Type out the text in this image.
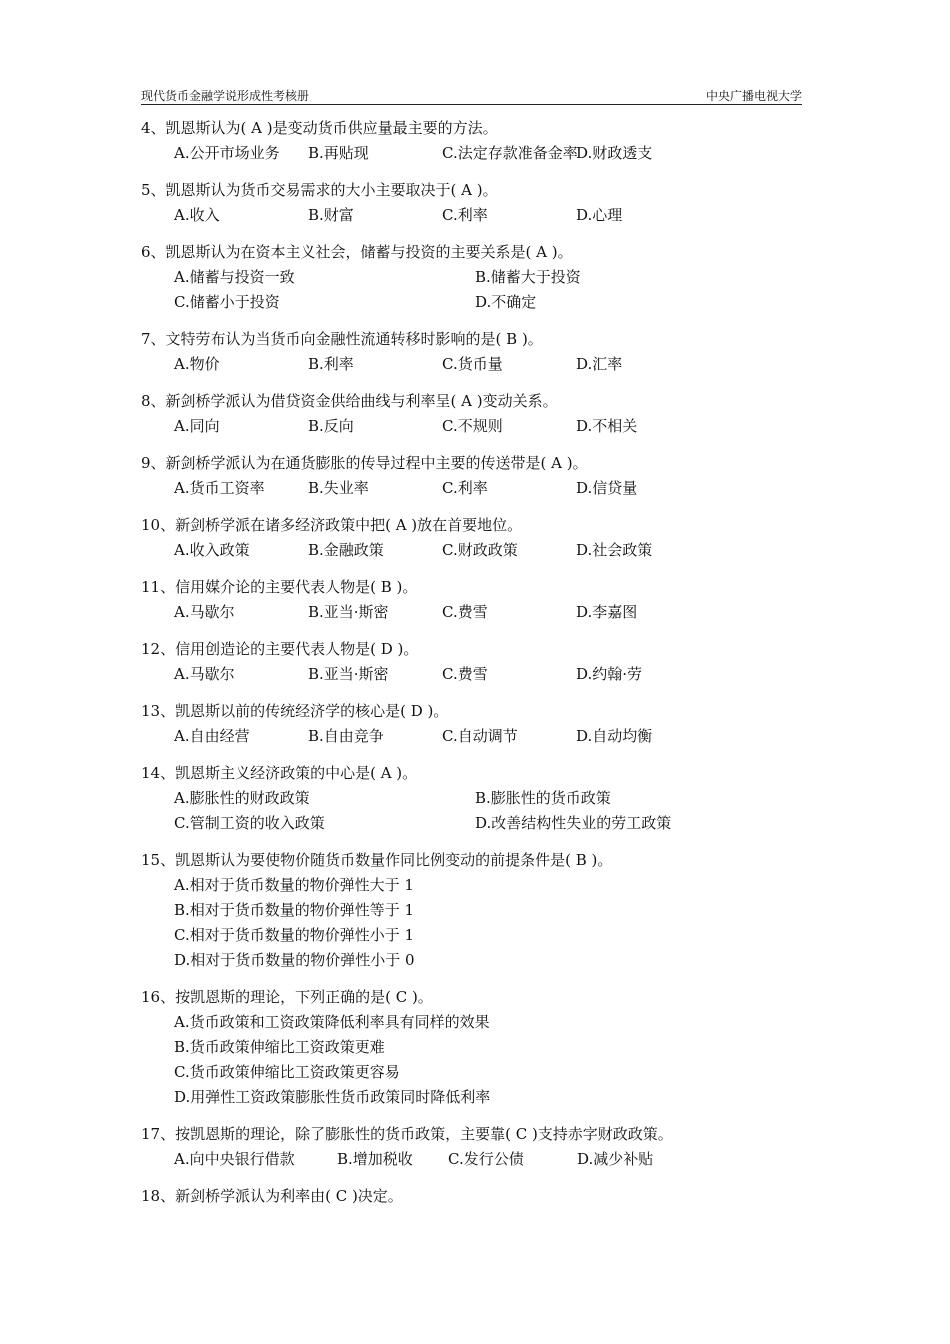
现代货币金融学说形成性考核册	中央广播电视大学
4、凯恩斯认为( A )是变动货币供应量最主要的方法。
A.公开市场业务 B.再贴现	C.法定存款准备金率
D.财政透支
5、凯恩斯认为货币交易需求的大小主要取决于( A )。
A.收入	B.财富	C.利率	D.心理
6、凯恩斯认为在资本主义社会，储蓄与投资的主要关系是( A )。
A.储蓄与投资一致	B.储蓄大于投资
C.储蓄小于投资	D.不确定
7、文特劳布认为当货币向金融性流通转移时影响的是( B )。
A.物价	B.利率	C.货币量	D.汇率
8、新剑桥学派认为借贷资金供给曲线与利率呈( A )变动关系。
A.同向	B.反向	C.不规则	D.不相关
9、新剑桥学派认为在通货膨胀的传导过程中主要的传送带是( A )。
A.货币工资率	B.失业率	C.利率	D.信贷量
10、新剑桥学派在诸多经济政策中把( A )放在首要地位。
A.收入政策	B.金融政策	C.财政政策	D.社会政策
11、信用媒介论的主要代表人物是( B )。
A.马歇尔	B.亚当·斯密	C.费雪	D.李嘉图
12、信用创造论的主要代表人物是( D )。
A.马歇尔	B.亚当·斯密	C.费雪	D.约翰·劳
13、凯恩斯以前的传统经济学的核心是( D )。
A.自由经营	B.自由竞争	C.自动调节	D.自动均衡
14、凯恩斯主义经济政策的中心是( A )。
A.膨胀性的财政政策	B.膨胀性的货币政策
C.管制工资的收入政策	D.改善结构性失业的劳工政策
15、凯恩斯认为要使物价随货币数量作同比例变动的前提条件是( B )。
A.相对于货币数量的物价弹性大于 1
B.相对于货币数量的物价弹性等于 1
C.相对于货币数量的物价弹性小于 1
D.相对于货币数量的物价弹性小于 0
16、按凯恩斯的理论，下列正确的是( C )。
A.货币政策和工资政策降低利率具有同样的效果
B.货币政策伸缩比工资政策更难
C.货币政策伸缩比工资政策更容易
D.用弹性工资政策膨胀性货币政策同时降低利率
17、按凯恩斯的理论，除了膨胀性的货币政策，主要靠( C )支持赤字财政政策。
A.向中央银行借款	B.增加税收 C.发行公债	D.减少补贴
18、新剑桥学派认为利率由( C )决定。
